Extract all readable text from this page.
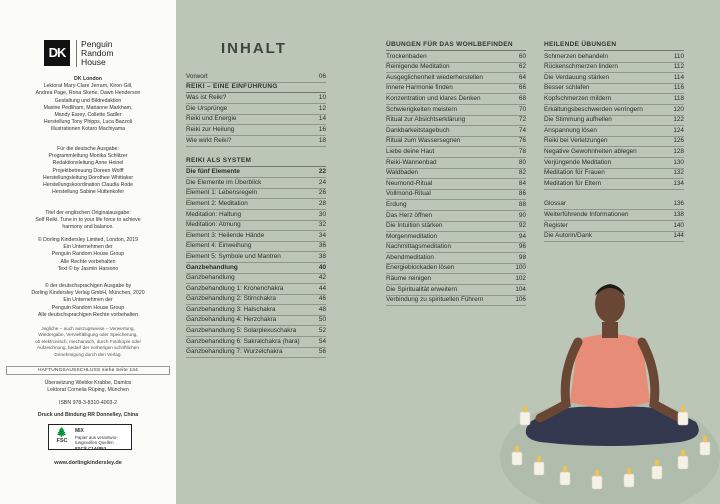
DK
Penguin
Random
House

DK London

Lektorat Mary-Clare Jerram, Kiron Gill,

Andrea Page, Rona Skene, Dawn Henderson

Gestaltung und Bildredaktion

Maxine Pedliham, Marianne Markham,

Mandy Earey, Collette Sadler

Herstellung Tony Phipps, Luca Bazzoli

Illustrationen Kotaro Machiyama

Für die deutsche Ausgabe:

Programmleitung Monika Schlitzer

Redaktionsleitung Anne Heinel

Projektbetreuung Doreen Wolff

Herstellungsleitung Dorothee Whittaker

Herstellungskoordination Claudia Rode

Herstellung Sabine Hüttenkofer

Titel der englischen Originalausgabe:

Self Reiki. Tune in to your life force to achieve

harmony and balance.

© Dorling Kindersley Limited, London, 2019

Ein Unternehmen der

Penguin Random House Group

Alle Rechte vorbehalten

Text © by Jasmin Harsono

© der deutschsprachigen Ausgabe by

Dorling Kindersley Verlag GmbH, München, 2020

Ein Unternehmen der

Penguin Random House Group

Alle deutschsprachigen Rechte vorbehalten

Jegliche – auch auszugsweise – Verwertung,

Wiedergabe, Vervielfältigung oder Speicherung,

ob elektronisch, mechanisch, durch Fotokopie oder

Aufzeichnung, bedarf der vorherigen schriftlichen

Genehmigung durch den Verlag.

HAFTUNGSAUSSCHLUSS siehe Seite 144

Übersetzung Wiebke Krabbe, Damlos

Lektorat Cornelia Rüping, München

ISBN 978-3-8310-4003-2

Druck und Bindung RR Donnelley, China

🌲
FSC
MIX
Papier aus verantwor-
tungsvollen Quellen
FSC® C144853
www.dorlingkindersley.de
INHALT
Vorwort	06
REIKI – EINE EINFÜHRUNG
Was ist Reiki?	10
Die Ursprünge	12
Reiki und Energie	14
Reiki zur Heilung	16
Wie wirkt Reiki?	18
REIKI ALS SYSTEM
Die fünf Elemente	22
Die Elemente im Überblick	24
Element 1: Lebensregeln	26
Element 2: Meditation	28
Meditation: Haltung	30
Meditation: Atmung	32
Element 3: Heilende Hände	34
Element 4: Einweihung	36
Element 5: Symbole und Mantren	38
Ganzbehandlung	40
Ganzbehandlung	42
Ganzbehandlung 1: Kronenchakra	44
Ganzbehandlung 2: Stirnchakra	46
Ganzbehandlung 3: Halschakra	48
Ganzbehandlung 4: Herzchakra	50
Ganzbehandlung 5: Solarplexuschakra	52
Ganzbehandlung 6: Sakralchakra (hara)	54
Ganzbehandlung 7: Wurzelchakra	56
ÜBUNGEN FÜR DAS WOHLBEFINDEN
Trockenbaden	60
Reinigende Meditation	62
Ausgeglichenheit wiederherstellen	64
Innere Harmonie finden	66
Konzentration und klares Denken	68
Schwierigkeiten meistern	70
Ritual zur Absichtserklärung	72
Dankbarkeitstagebuch	74
Ritual zum Wassersegnen	76
Liebe deine Haut	78
Reiki-Wannenbad	80
Waldbaden	82
Neumond-Ritual	84
Vollmond-Ritual	86
Erdung	88
Das Herz öffnen	90
Die Intuition stärken	92
Morgenmeditation	94
Nachmittagsmeditation	96
Abendmeditation	98
Energieblockaden lösen	100
Räume reinigen	102
Die Spiritualität erweitern	104
Verbindung zu spirituellen Führern	106
HEILENDE ÜBUNGEN
Schmerzen behandeln	110
Rückenschmerzen lindern	112
Die Verdauung stärken	114
Besser schlafen	116
Kopfschmerzen mildern	118
Erkältungsbeschwerden verringern	120
Die Stimmung aufhellen	122
Anspannung lösen	124
Reiki bei Verletzungen	126
Negative Gewohnheiten ablegen	128
Verjüngende Meditation	130
Meditation für Frauen	132
Meditation für Eltern	134
Glossar	136
Weiterführende Informationen	138
Register	140
Die Autorin/Dank	144
